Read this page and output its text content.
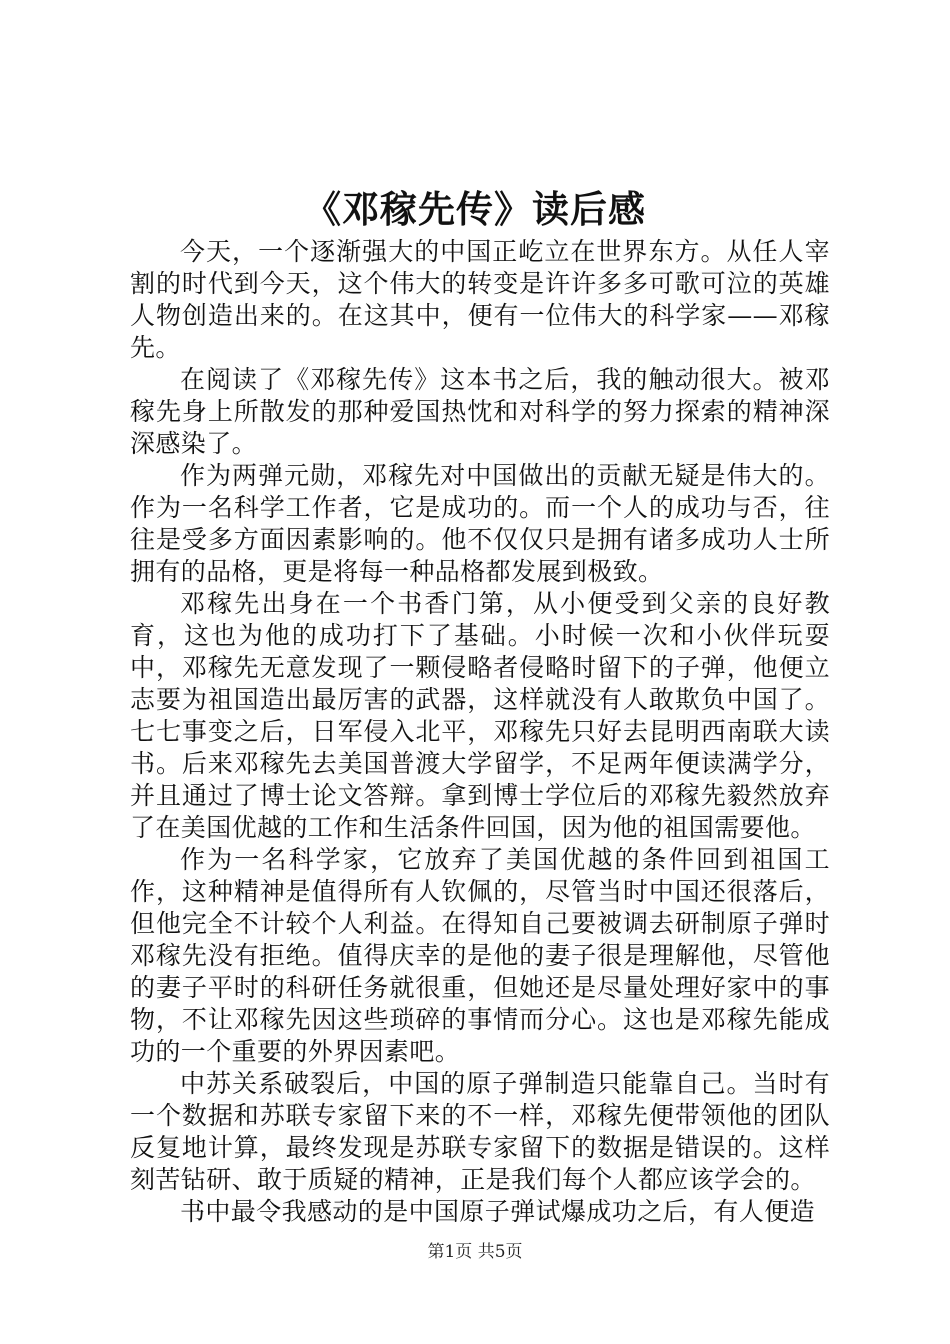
《邓稼先传》读后感

今天，一个逐渐强大的中国正屹立在世界东方。从任人宰割的时代到今天，这个伟大的转变是许许多多可歌可泣的英雄人物创造出来的。在这其中，便有一位伟大的科学家——邓稼先。

在阅读了《邓稼先传》这本书之后，我的触动很大。被邓稼先身上所散发的那种爱国热忱和对科学的努力探索的精神深深感染了。

作为两弹元勋，邓稼先对中国做出的贡献无疑是伟大的。作为一名科学工作者，它是成功的。而一个人的成功与否，往往是受多方面因素影响的。他不仅仅只是拥有诸多成功人士所拥有的品格，更是将每一种品格都发展到极致。

邓稼先出身在一个书香门第，从小便受到父亲的良好教育，这也为他的成功打下了基础。小时候一次和小伙伴玩耍中，邓稼先无意发现了一颗侵略者侵略时留下的子弹，他便立志要为祖国造出最厉害的武器，这样就没有人敢欺负中国了。七七事变之后，日军侵入北平，邓稼先只好去昆明西南联大读书。后来邓稼先去美国普渡大学留学，不足两年便读满学分，并且通过了博士论文答辩。拿到博士学位后的邓稼先毅然放弃了在美国优越的工作和生活条件回国，因为他的祖国需要他。

作为一名科学家，它放弃了美国优越的条件回到祖国工作，这种精神是值得所有人钦佩的，尽管当时中国还很落后，但他完全不计较个人利益。在得知自己要被调去研制原子弹时邓稼先没有拒绝。值得庆幸的是他的妻子很是理解他，尽管他的妻子平时的科研任务就很重，但她还是尽量处理好家中的事物，不让邓稼先因这些琐碎的事情而分心。这也是邓稼先能成功的一个重要的外界因素吧。

中苏关系破裂后，中国的原子弹制造只能靠自己。当时有一个数据和苏联专家留下来的不一样，邓稼先便带领他的团队反复地计算，最终发现是苏联专家留下的数据是错误的。这样刻苦钻研、敢于质疑的精神，正是我们每个人都应该学会的。

书中最令我感动的是中国原子弹试爆成功之后，有人便造

第1页 共5页
